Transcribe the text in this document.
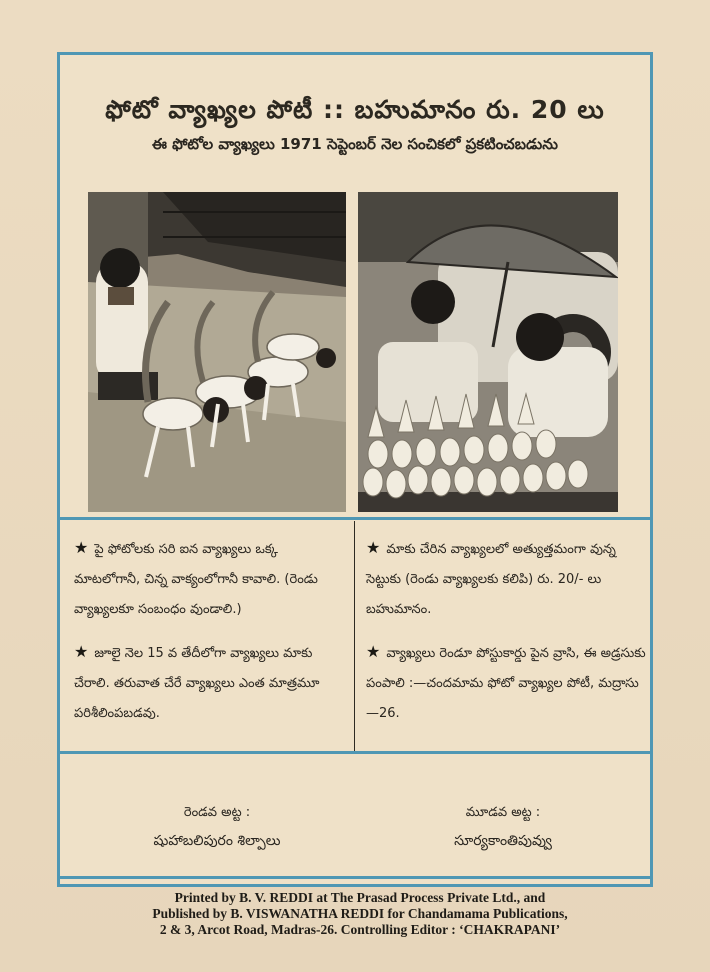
ఫోటో వ్యాఖ్యల పోటీ :: బహుమానం రు. 20 లు
ఈ ఫోటోల వ్యాఖ్యలు 1971 సెప్టెంబర్ నెల సంచికలో ప్రకటించబడును
★ పై ఫోటోలకు సరి ఐన వ్యాఖ్యలు ఒక్క మాటలోగానీ, చిన్న వాక్యంలోగానీ కావాలి. (రెండు వ్యాఖ్యలకూ సంబంధం వుండాలి.)
★ జూలై నెల 15 వ తేదీలోగా వ్యాఖ్యలు మాకు చేరాలి. తరువాత చేరే వ్యాఖ్యలు ఎంత మాత్రమూ పరిశీలింపబడవు.
★ మాకు చేరిన వ్యాఖ్యలలో అత్యుత్తమంగా వున్న సెట్టుకు (రెండు వ్యాఖ్యలకు కలిపి) రు. 20/- లు బహుమానం.
★ వ్యాఖ్యలు రెండూ పోస్టుకార్డు పైన వ్రాసి, ఈ అడ్రసుకు పంపాలి :—చందమామ ఫోటో వ్యాఖ్యల పోటీ, మద్రాసు—26.
రెండవ అట్ట :
షుహాబలిపురం శిల్పాలు
మూడవ అట్ట :
సూర్యకాంతిపువ్వు
Printed by B. V. REDDI at The Prasad Process Private Ltd., and
Published by B. VISWANATHA REDDI for Chandamama Publications,
2 & 3, Arcot Road, Madras-26. Controlling Editor : ‘CHAKRAPANI’
